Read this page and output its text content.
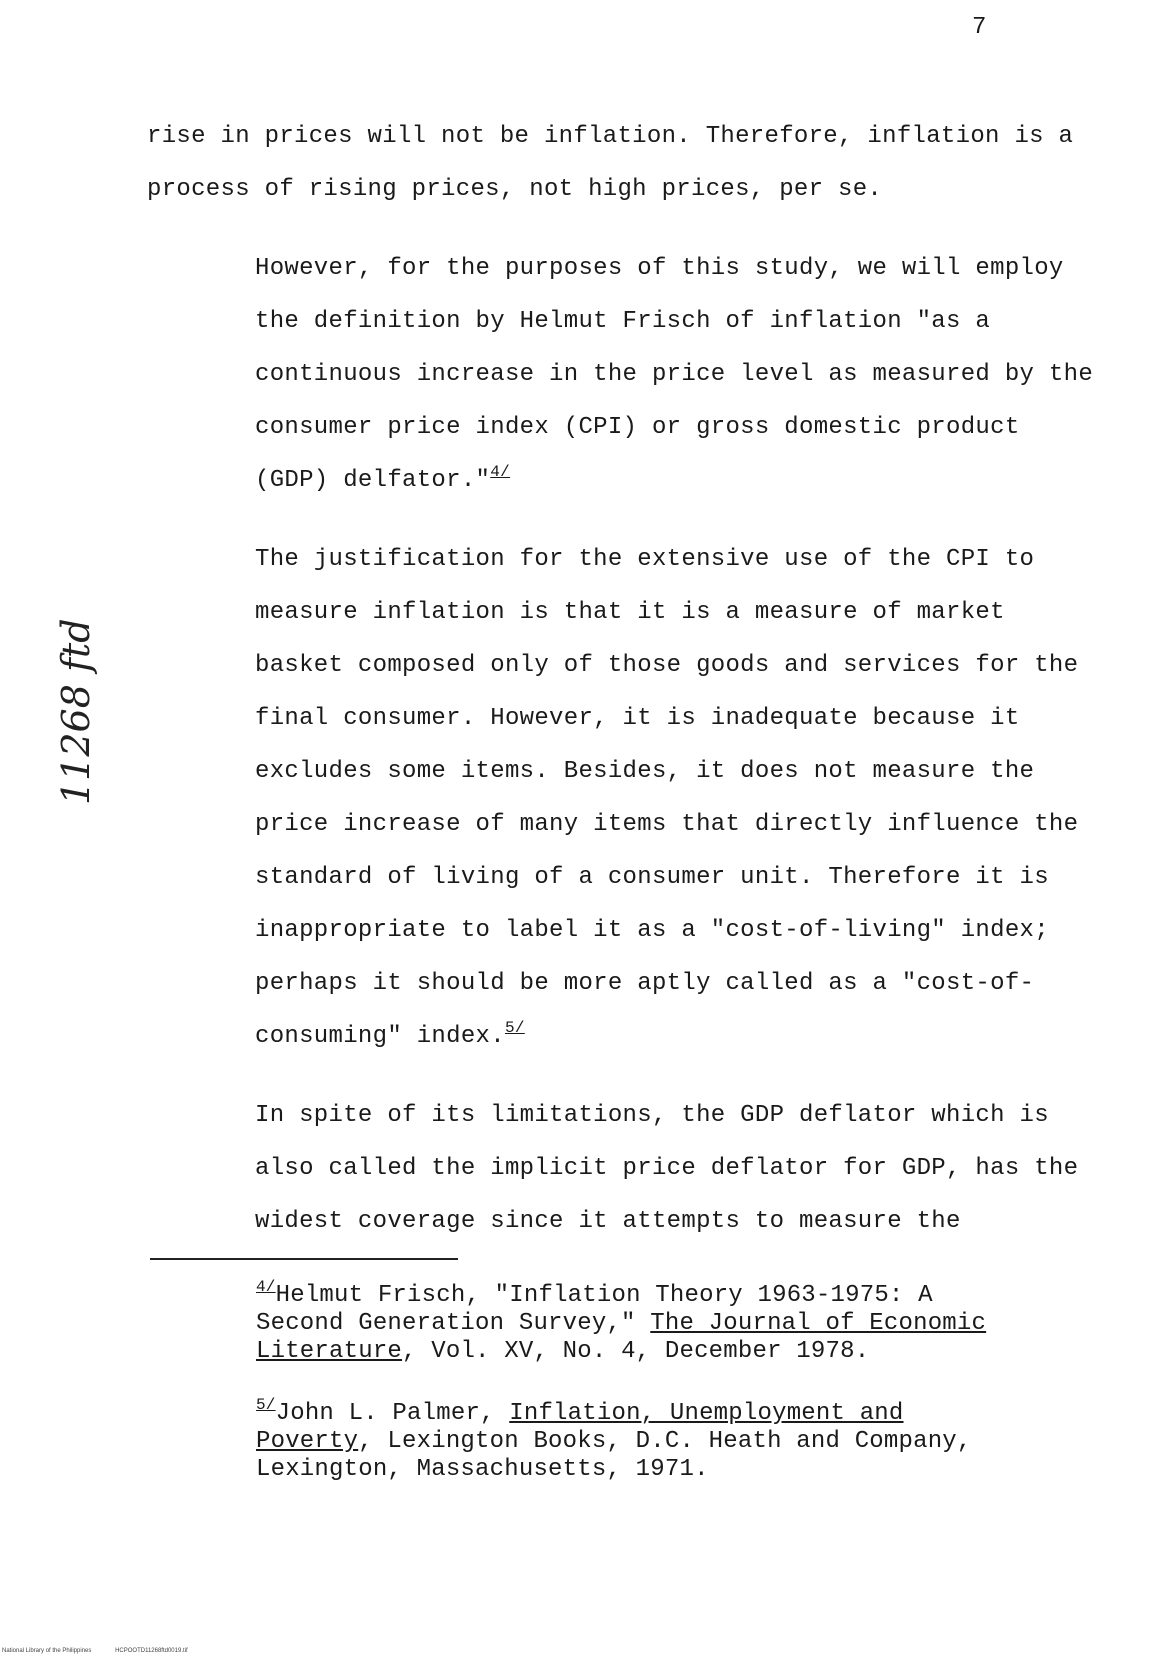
7
11268 ftd

rise in prices will not be inflation. Therefore, inflation is a process of rising prices, not high prices, per se.

However, for the purposes of this study, we will employ the definition by Helmut Frisch of inflation "as a continuous increase in the price level as measured by the consumer price index (CPI) or gross domestic product (GDP) delfator."$^{4/}$

The justification for the extensive use of the CPI to measure inflation is that it is a measure of market basket composed only of those goods and services for the final consumer. However, it is inadequate because it excludes some items. Besides, it does not measure the price increase of many items that directly influence the standard of living of a consumer unit. Therefore it is inappropriate to label it as a "cost-of-living" index; perhaps it should be more aptly called as a "cost-of-consuming" index.$^{5/}$

In spite of its limitations, the GDP deflator which is also called the implicit price deflator for GDP, has the widest coverage since it attempts to measure the

$^{4/}$Helmut Frisch, "Inflation Theory 1963-1975: A Second Generation Survey," The Journal of Economic Literature, Vol. XV, No. 4, December 1978.

$^{5/}$John L. Palmer, Inflation, Unemployment and Poverty, Lexington Books, D.C. Heath and Company, Lexington, Massachusetts, 1971.

National Library of the Philippines	HCPOOTD11268ftd0019.tif
